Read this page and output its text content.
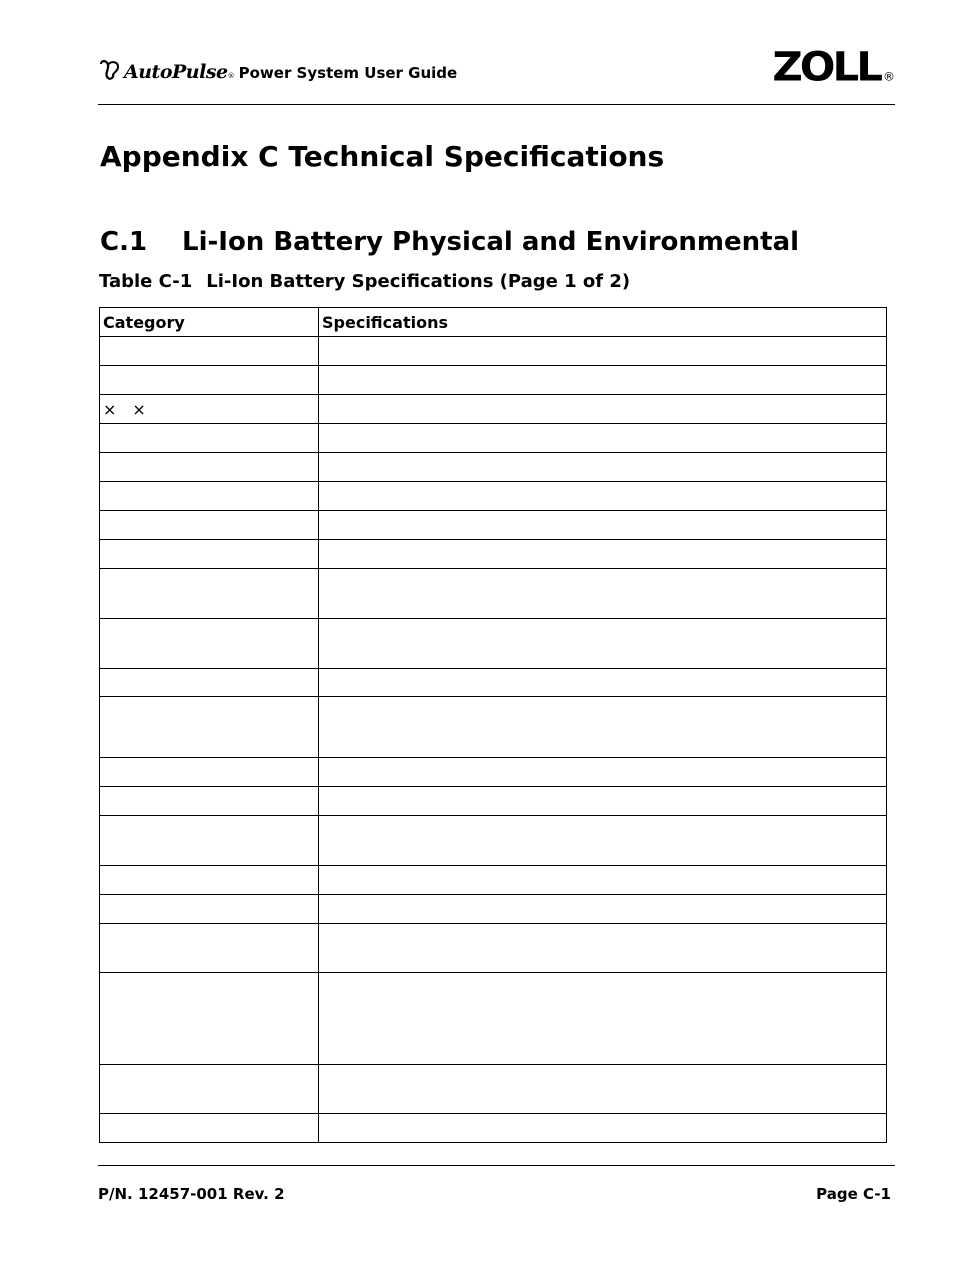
AutoPulse ® Power System User Guide	ZOLL ®
Appendix C Technical Specifications
C.1 Li-Ion Battery Physical and Environmental
Table C-1 Li-Ion Battery Specifications (Page 1 of 2)
Category	Specifications

× ×	

P/N. 12457-001 Rev. 2	Page C-1
